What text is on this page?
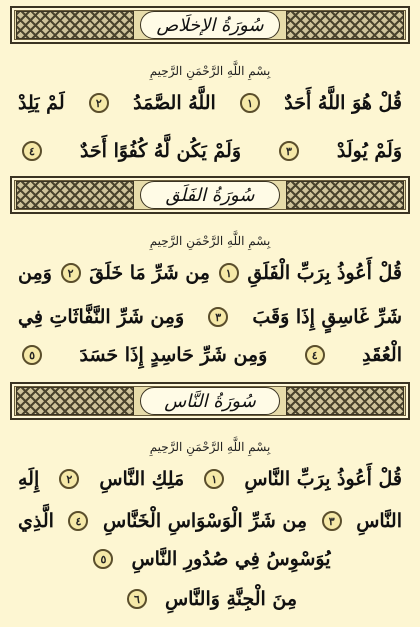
سُورَةُ الإخلَاص
بِسْمِ اللَّهِ الرَّحْمَنِ الرَّحِيمِ
قُلْ هُوَ اللَّهُ أَحَدٌ
١
اللَّهُ الصَّمَدُ
٢
لَمْ يَلِدْ
وَلَمْ يُولَدْ
٣
وَلَمْ يَكُن لَّهُ كُفُوًا أَحَدٌ
٤
سُورَةُ الفَلَق
بِسْمِ اللَّهِ الرَّحْمَنِ الرَّحِيمِ
قُلْ أَعُوذُ بِرَبِّ الْفَلَقِ
١
مِن شَرِّ مَا خَلَقَ
٢
وَمِن
شَرِّ غَاسِقٍ إِذَا وَقَبَ
٣
وَمِن شَرِّ النَّفَّاثَاتِ فِي
الْعُقَدِ
٤
وَمِن شَرِّ حَاسِدٍ إِذَا حَسَدَ
٥
سُورَةُ النَّاس
بِسْمِ اللَّهِ الرَّحْمَنِ الرَّحِيمِ
قُلْ أَعُوذُ بِرَبِّ النَّاسِ
١
مَلِكِ النَّاسِ
٢
إِلَهِ
النَّاسِ
٣
مِن شَرِّ الْوَسْوَاسِ الْخَنَّاسِ
٤
الَّذِي
يُوَسْوِسُ فِي صُدُورِ النَّاسِ
٥
مِنَ الْجِنَّةِ وَالنَّاسِ
٦
